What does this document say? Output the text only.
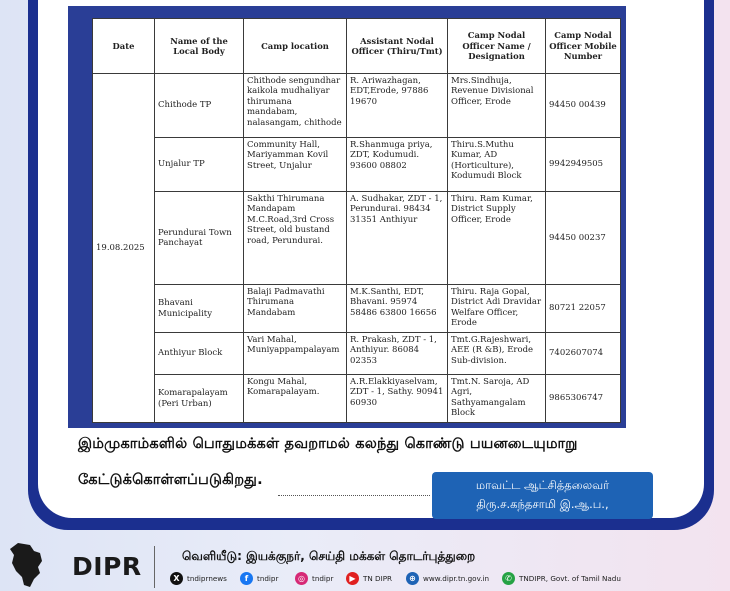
Date	Name of the Local Body	Camp location	Assistant Nodal Officer (Thiru/Tmt)	Camp Nodal Officer Name / Designation	Camp Nodal Officer Mobile Number
19.08.2025	Chithode TP	Chithode sengundhar kaikola mudhaliyar thirumana mandabam, nalasangam, chithode	R. Ariwazhagan, EDT,Erode, 97886 19670	Mrs.Sindhuja, Revenue Divisional Officer, Erode	94450 00439
	Unjalur TP	Community Hall, Mariyamman Kovil Street, Unjalur	R.Shanmuga priya, ZDT, Kodumudi. 93600 08802	Thiru.S.Muthu Kumar, AD (Horticulture), Kodumudi Block	9942949505
	Perundurai Town Panchayat	Sakthi Thirumana Mandapam M.C.Road,3rd Cross Street, old bustand road, Perundurai.	A. Sudhakar, ZDT - 1, Perundurai. 98434 31351 Anthiyur	Thiru. Ram Kumar, District Supply Officer, Erode	94450 00237
	Bhavani Municipality	Balaji Padmavathi Thirumana Mandabam	M.K.Santhi, EDT, Bhavani. 95974 58486 63800 16656	Thiru. Raja Gopal, District Adi Dravidar Welfare Officer, Erode	80721 22057
	Anthiyur Block	Vari Mahal, Muniyappampalayam	R. Prakash, ZDT - 1, Anthiyur. 86084 02353	Tmt.G.Rajeshwari, AEE (R &B), Erode Sub-division.	7402607074
	Komarapalayam (Peri Urban)	Kongu Mahal, Komarapalayam.	A.R.Elakkiyaselvam, ZDT - 1, Sathy. 90941 60930	Tmt.N. Saroja, AD Agri, Sathyamangalam Block	9865306747
இம்முகாம்களில் பொதுமக்கள் தவறாமல் கலந்து கொண்டு பயனடையுமாறு
கேட்டுக்கொள்ளப்படுகிறது.	மாவட்ட ஆட்சித்தலைவர்
திரு.ச.கந்தசாமி இ.ஆ.ப.,
DIPR	வெளியீடு: இயக்குநர், செய்தி மக்கள் தொடர்புத்துறை
X	tndiprnews	f	tndipr	◎ tndipr	▶	TN DIPR	⊕ www.dipr.tn.gov.in	✆ TNDIPR, Govt. of Tamil Nadu
